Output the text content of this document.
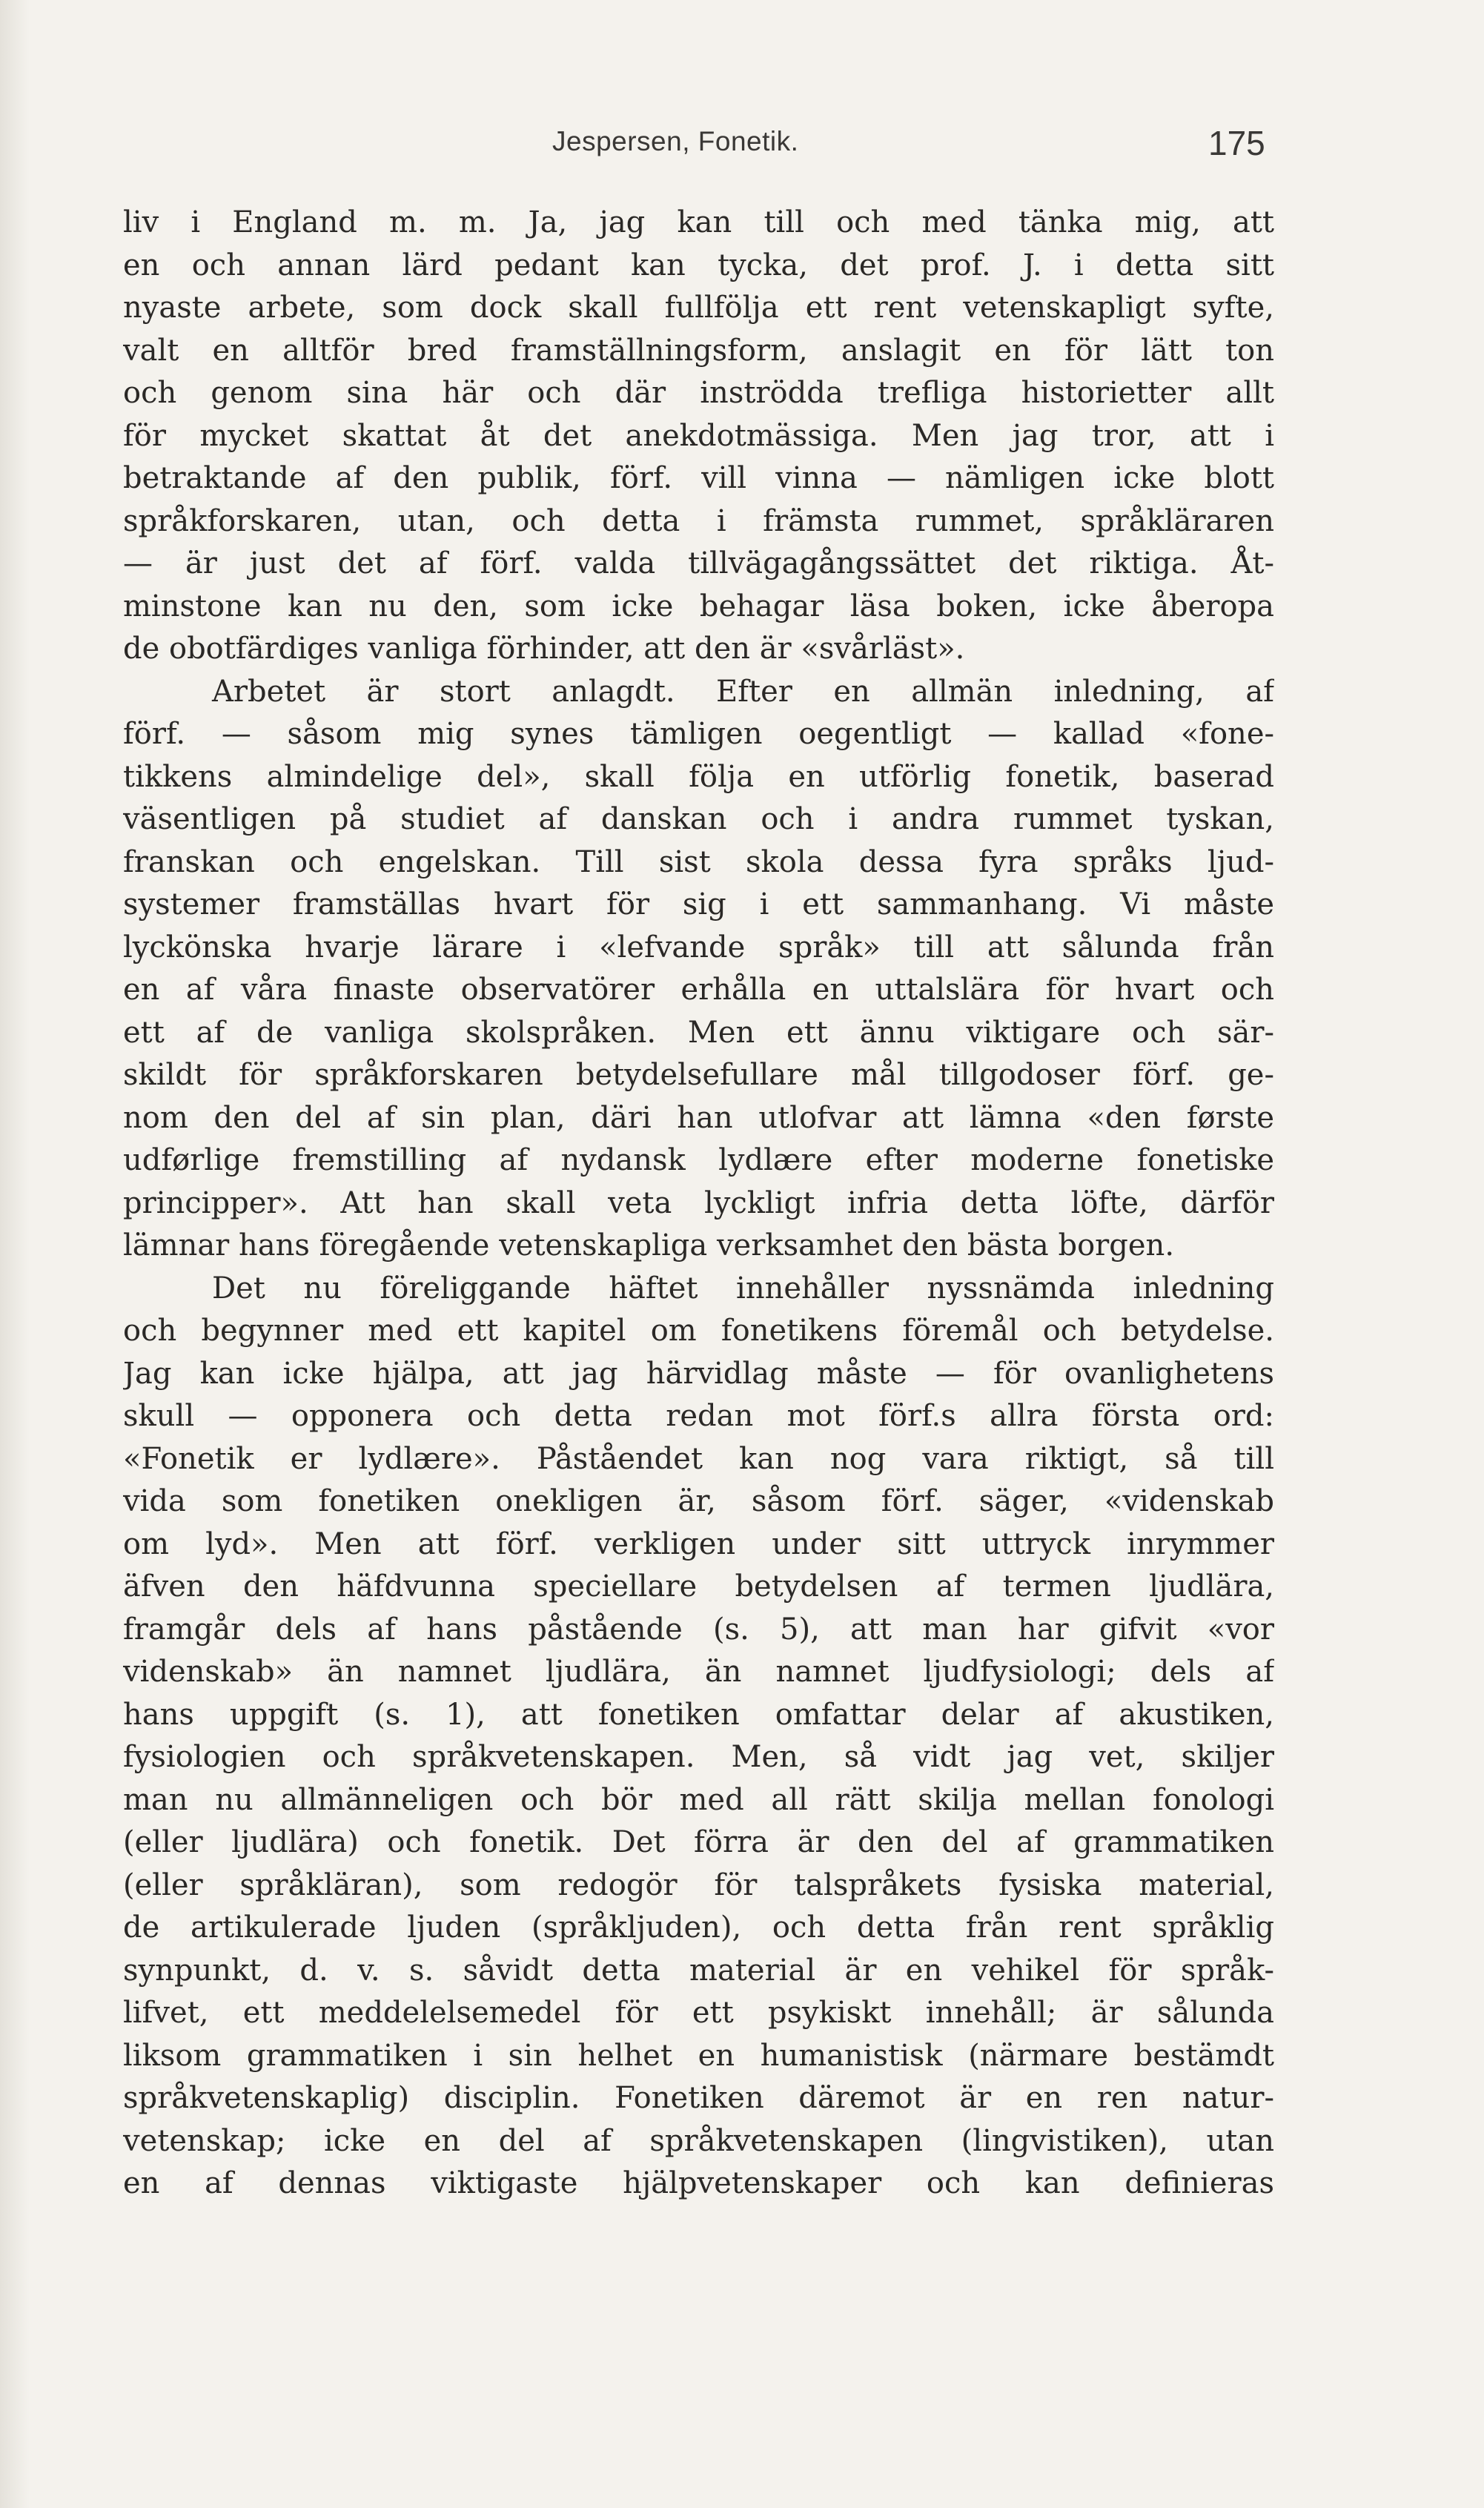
Jespersen, Fonetik.	175
liv i England m. m. Ja, jag kan till och med tänka mig, att
en och annan lärd pedant kan tycka, det prof. J. i detta sitt
nyaste arbete, som dock skall fullfölja ett rent vetenskapligt syfte,
valt en alltför bred framställningsform, anslagit en för lätt ton
och genom sina här och där inströdda trefliga historietter allt
för mycket skattat åt det anekdotmässiga. Men jag tror, att i
betraktande af den publik, förf. vill vinna — nämligen icke blott
språkforskaren, utan, och detta i främsta rummet, språkläraren
— är just det af förf. valda tillvägagångssättet det riktiga. Åt-
minstone kan nu den, som icke behagar läsa boken, icke åberopa
de obotfärdiges vanliga förhinder, att den är «svårläst».
Arbetet är stort anlagdt. Efter en allmän inledning, af
förf. — såsom mig synes tämligen oegentligt — kallad «fone-
tikkens almindelige del», skall följa en utförlig fonetik, baserad
väsentligen på studiet af danskan och i andra rummet tyskan,
franskan och engelskan. Till sist skola dessa fyra språks ljud-
systemer framställas hvart för sig i ett sammanhang. Vi måste
lyckönska hvarje lärare i «lefvande språk» till att sålunda från
en af våra finaste observatörer erhålla en uttalslära för hvart och
ett af de vanliga skolspråken. Men ett ännu viktigare och sär-
skildt för språkforskaren betydelsefullare mål tillgodoser förf. ge-
nom den del af sin plan, däri han utlofvar att lämna «den første
udførlige fremstilling af nydansk lydlære efter moderne fonetiske
principper». Att han skall veta lyckligt infria detta löfte, därför
lämnar hans föregående vetenskapliga verksamhet den bästa borgen.
Det nu föreliggande häftet innehåller nyssnämda inledning
och begynner med ett kapitel om fonetikens föremål och betydelse.
Jag kan icke hjälpa, att jag härvidlag måste — för ovanlighetens
skull — opponera och detta redan mot förf.s allra första ord:
«Fonetik er lydlære». Påståendet kan nog vara riktigt, så till
vida som fonetiken onekligen är, såsom förf. säger, «videnskab
om lyd». Men att förf. verkligen under sitt uttryck inrymmer
äfven den häfdvunna speciellare betydelsen af termen ljudlära,
framgår dels af hans påstående (s. 5), att man har gifvit «vor
videnskab» än namnet ljudlära, än namnet ljudfysiologi; dels af
hans uppgift (s. 1), att fonetiken omfattar delar af akustiken,
fysiologien och språkvetenskapen. Men, så vidt jag vet, skiljer
man nu allmänneligen och bör med all rätt skilja mellan fonologi
(eller ljudlära) och fonetik. Det förra är den del af grammatiken
(eller språkläran), som redogör för talspråkets fysiska material,
de artikulerade ljuden (språkljuden), och detta från rent språklig
synpunkt, d. v. s. såvidt detta material är en vehikel för språk-
lifvet, ett meddelelsemedel för ett psykiskt innehåll; är sålunda
liksom grammatiken i sin helhet en humanistisk (närmare bestämdt
språkvetenskaplig) disciplin. Fonetiken däremot är en ren natur-
vetenskap; icke en del af språkvetenskapen (lingvistiken), utan
en af dennas viktigaste hjälpvetenskaper och kan definieras
